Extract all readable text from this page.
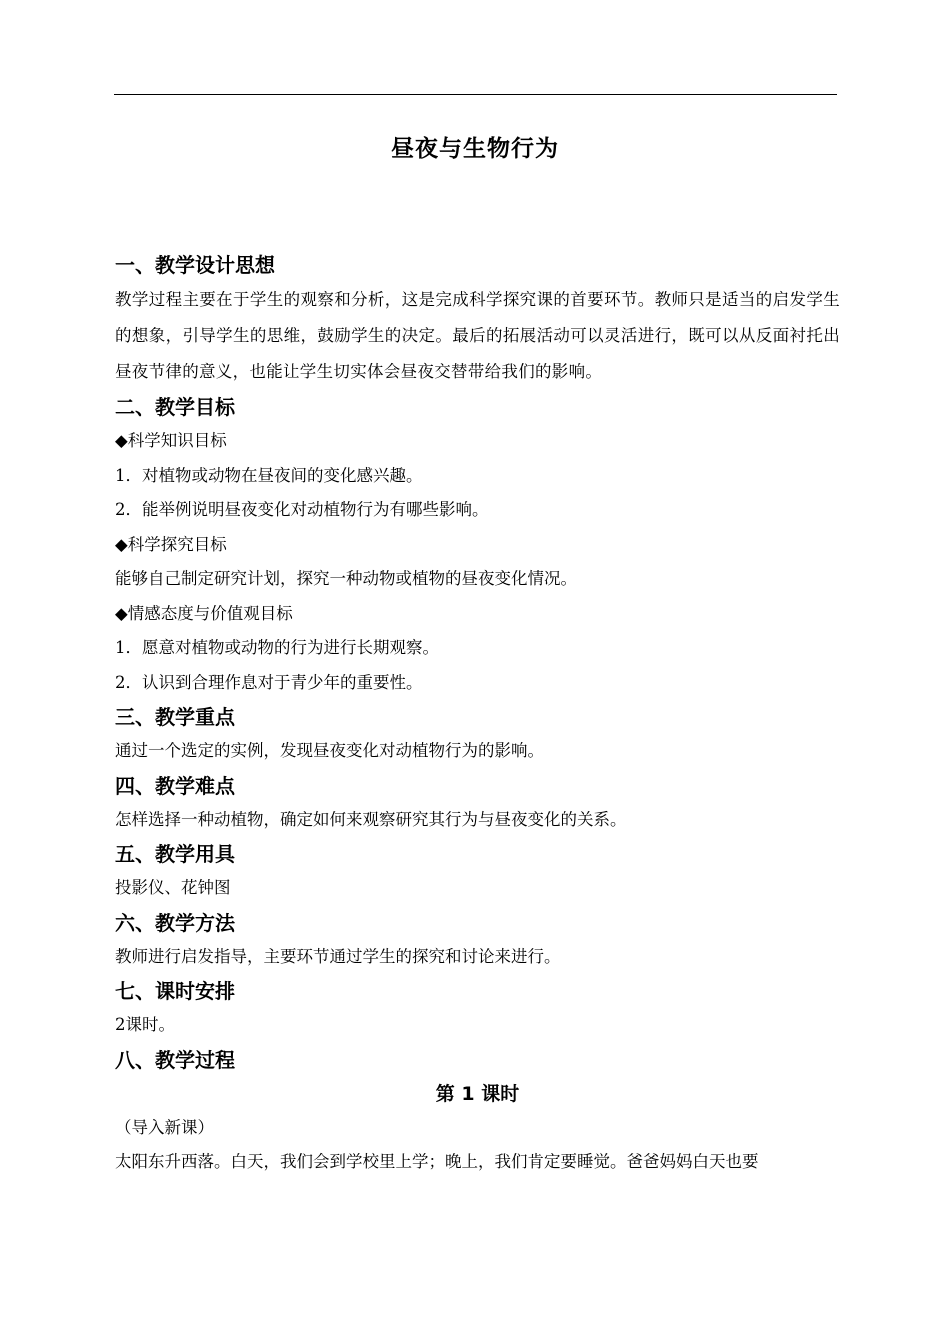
昼夜与生物行为
一、教学设计思想
教学过程主要在于学生的观察和分析，这是完成科学探究课的首要环节。教师只是适当的启发学生的想象，引导学生的思维，鼓励学生的决定。最后的拓展活动可以灵活进行，既可以从反面衬托出昼夜节律的意义，也能让学生切实体会昼夜交替带给我们的影响。
二、教学目标
◆科学知识目标
1．对植物或动物在昼夜间的变化感兴趣。
2．能举例说明昼夜变化对动植物行为有哪些影响。
◆科学探究目标
能够自己制定研究计划，探究一种动物或植物的昼夜变化情况。
◆情感态度与价值观目标
1．愿意对植物或动物的行为进行长期观察。
2．认识到合理作息对于青少年的重要性。
三、教学重点
通过一个选定的实例，发现昼夜变化对动植物行为的影响。
四、教学难点
怎样选择一种动植物，确定如何来观察研究其行为与昼夜变化的关系。
五、教学用具
投影仪、花钟图
六、教学方法
教师进行启发指导，主要环节通过学生的探究和讨论来进行。
七、课时安排
2课时。
八、教学过程
第 1 课时
（导入新课）
太阳东升西落。白天，我们会到学校里上学；晚上，我们肯定要睡觉。爸爸妈妈白天也要
